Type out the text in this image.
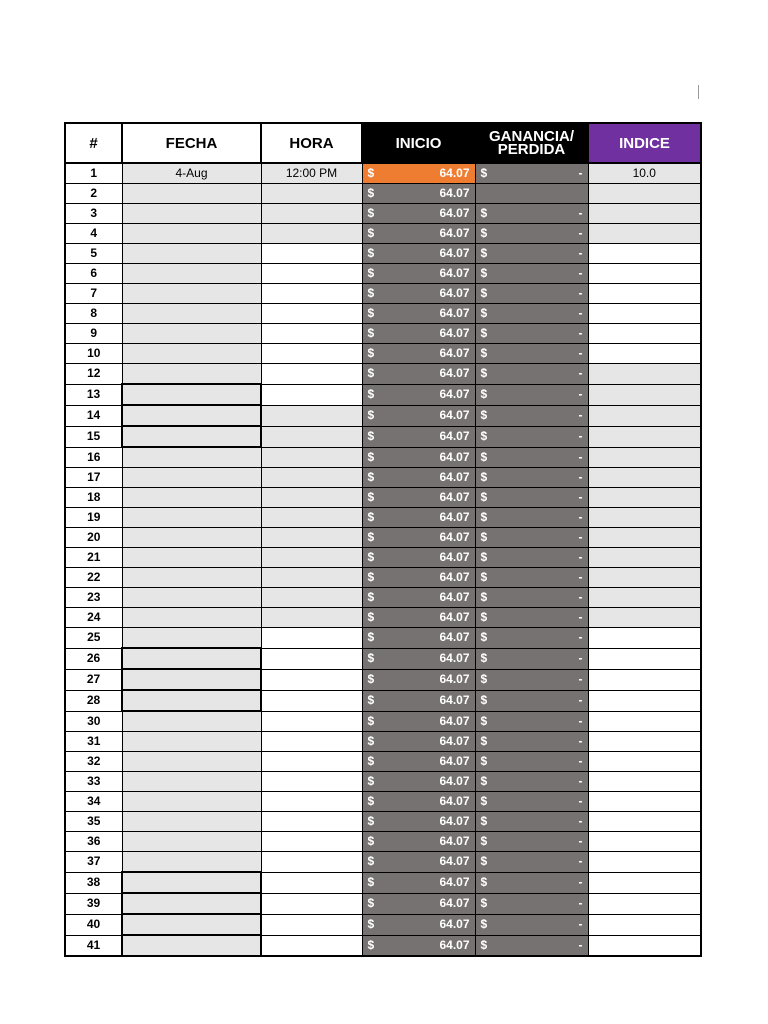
#	FECHA	HORA	INICIO	GANANCIA/
PERDIDA	INDICE
1	4-Aug	12:00 PM	$ 64.07	$ -	10.0
2			$ 64.07		

3			$ 64.07	$ -	

4			$ 64.07	$ -	

5			$ 64.07	$ -	

6			$ 64.07	$ -	

7			$ 64.07	$ -	

8			$ 64.07	$ -	

9			$ 64.07	$ -	

10			$ 64.07	$ -	

12			$ 64.07	$ -	

13			$ 64.07	$ -	

14			$ 64.07	$ -	

15			$ 64.07	$ -	

16			$ 64.07	$ -	

17			$ 64.07	$ -	

18			$ 64.07	$ -	

19			$ 64.07	$ -	

20			$ 64.07	$ -	

21			$ 64.07	$ -	

22			$ 64.07	$ -	

23			$ 64.07	$ -	

24			$ 64.07	$ -	

25			$ 64.07	$ -	

26			$ 64.07	$ -	

27			$ 64.07	$ -	

28			$ 64.07	$ -	

30			$ 64.07	$ -	

31			$ 64.07	$ -	

32			$ 64.07	$ -	

33			$ 64.07	$ -	

34			$ 64.07	$ -	

35			$ 64.07	$ -	

36			$ 64.07	$ -	

37			$ 64.07	$ -	

38			$ 64.07	$ -	

39			$ 64.07	$ -	

40			$ 64.07	$ -	

41			$ 64.07	$ -	
